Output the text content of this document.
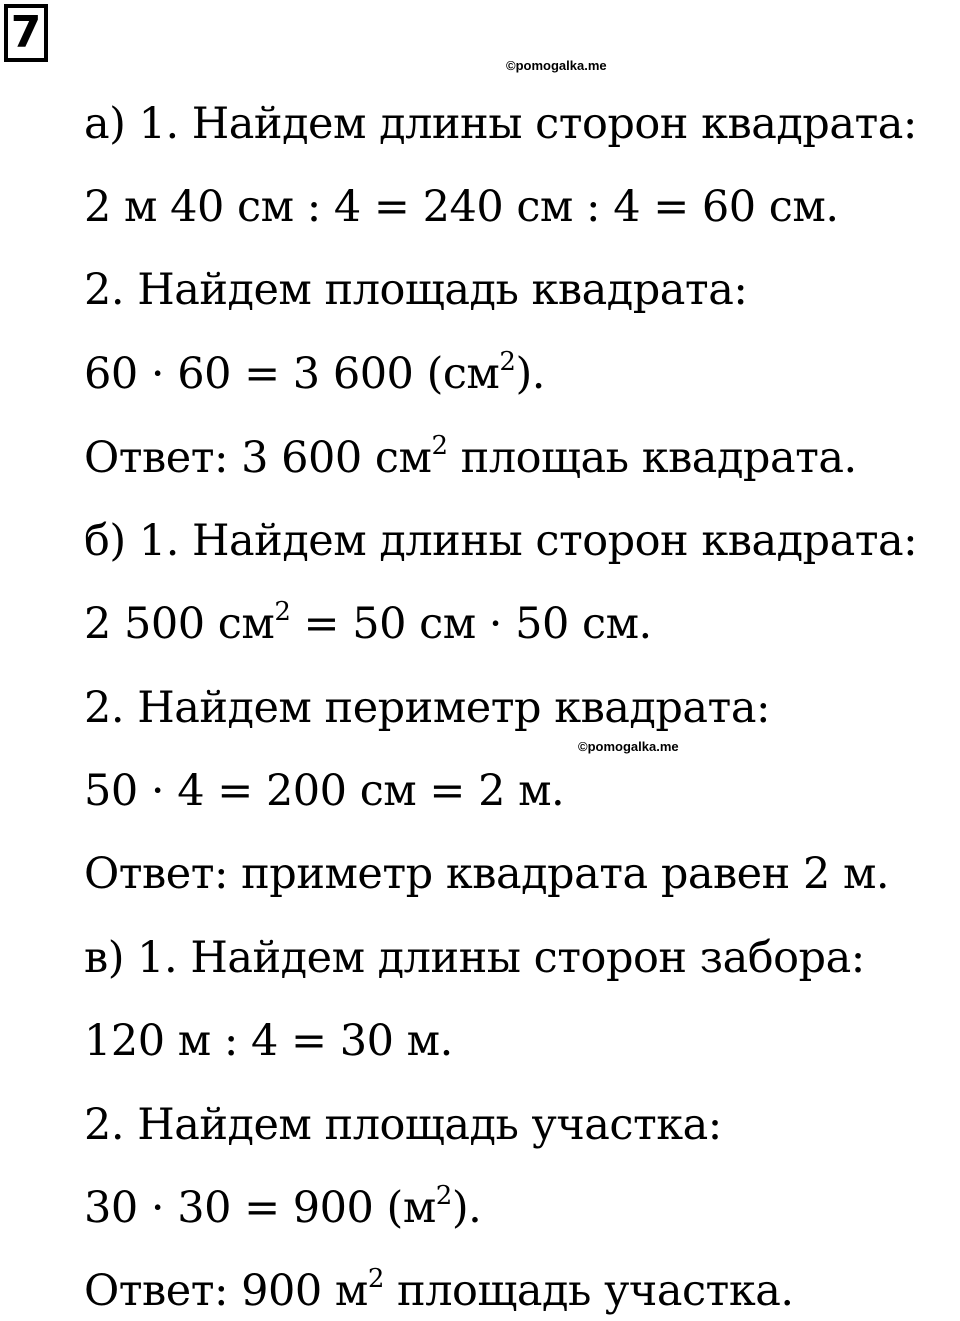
7
©pomogalka.me
©pomogalka.me
а) 1. Найдем длины сторон квадрата:
2 м 40 см : 4 = 240 см : 4 = 60 см.
2. Найдем площадь квадрата:
60 · 60 = 3 600 $(см^2)$.
Ответ: 3 600 $см^2$ площаь квадрата.
б) 1. Найдем длины сторон квадрата:
2 500 $см^2 = 50$ см · 50 см.
2. Найдем периметр квадрата:
50 · 4 = 200 см = 2 м.
Ответ: приметр квадрата равен 2 м.
в) 1. Найдем длины сторон забора:
120 м : 4 = 30 м.
2. Найдем площадь участка:
30 · 30 = 900 $(м^2)$.
Ответ: 900 $м^2$ площадь участка.
